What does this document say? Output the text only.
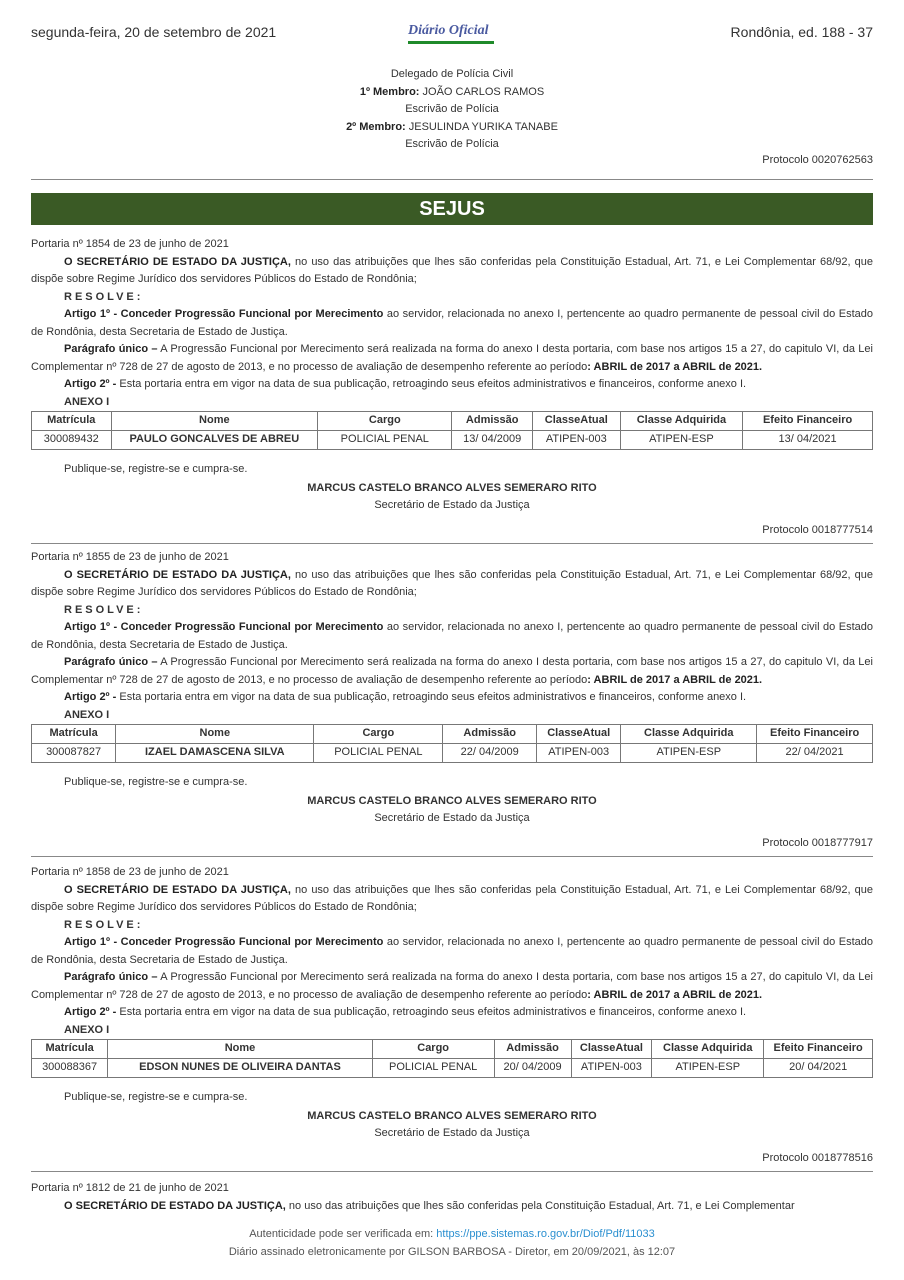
segunda-feira, 20 de setembro de 2021	Diário Oficial	Rondônia, ed. 188 - 37
Delegado de Polícia Civil
1º Membro: JOÃO CARLOS RAMOS
Escrivão de Polícia
2º Membro: JESULINDA YURIKA TANABE
Escrivão de Polícia
Protocolo 0020762563
SEJUS

Portaria nº 1854 de 23 de junho de 2021

O SECRETÁRIO DE ESTADO DA JUSTIÇA, no uso das atribuições que lhes são conferidas pela Constituição Estadual, Art. 71, e Lei Complementar 68/92, que dispõe sobre Regime Jurídico dos servidores Públicos do Estado de Rondônia;

RESOLVE:

Artigo 1º - Conceder Progressão Funcional por Merecimento ao servidor, relacionada no anexo I, pertencente ao quadro permanente de pessoal civil do Estado de Rondônia, desta Secretaria de Estado de Justiça.

Parágrafo único – A Progressão Funcional por Merecimento será realizada na forma do anexo I desta portaria, com base nos artigos 15 a 27, do capitulo VI, da Lei Complementar nº 728 de 27 de agosto de 2013, e no processo de avaliação de desempenho referente ao período: ABRIL de 2017 a ABRIL de 2021.

Artigo 2º - Esta portaria entra em vigor na data de sua publicação, retroagindo seus efeitos administrativos e financeiros, conforme anexo I.

ANEXO I

Matrícula	Nome	Cargo	Admissão	ClasseAtual	Classe Adquirida	Efeito Financeiro
300089432	PAULO GONCALVES DE ABREU	POLICIAL PENAL	13/ 04/2009	ATIPEN-003	ATIPEN-ESP	13/ 04/2021

Publique-se, registre-se e cumpra-se.

MARCUS CASTELO BRANCO ALVES SEMERARO RITO

Secretário de Estado da Justiça

Protocolo 0018777514

Portaria nº 1855 de 23 de junho de 2021

O SECRETÁRIO DE ESTADO DA JUSTIÇA, no uso das atribuições que lhes são conferidas pela Constituição Estadual, Art. 71, e Lei Complementar 68/92, que dispõe sobre Regime Jurídico dos servidores Públicos do Estado de Rondônia;

RESOLVE:

Artigo 1º - Conceder Progressão Funcional por Merecimento ao servidor, relacionada no anexo I, pertencente ao quadro permanente de pessoal civil do Estado de Rondônia, desta Secretaria de Estado de Justiça.

Parágrafo único – A Progressão Funcional por Merecimento será realizada na forma do anexo I desta portaria, com base nos artigos 15 a 27, do capitulo VI, da Lei Complementar nº 728 de 27 de agosto de 2013, e no processo de avaliação de desempenho referente ao período: ABRIL de 2017 a ABRIL de 2021.

Artigo 2º - Esta portaria entra em vigor na data de sua publicação, retroagindo seus efeitos administrativos e financeiros, conforme anexo I.

ANEXO I

Matrícula	Nome	Cargo	Admissão	ClasseAtual	Classe Adquirida	Efeito Financeiro
300087827	IZAEL DAMASCENA SILVA	POLICIAL PENAL	22/ 04/2009	ATIPEN-003	ATIPEN-ESP	22/ 04/2021

Publique-se, registre-se e cumpra-se.

MARCUS CASTELO BRANCO ALVES SEMERARO RITO

Secretário de Estado da Justiça

Protocolo 0018777917

Portaria nº 1858 de 23 de junho de 2021

O SECRETÁRIO DE ESTADO DA JUSTIÇA, no uso das atribuições que lhes são conferidas pela Constituição Estadual, Art. 71, e Lei Complementar 68/92, que dispõe sobre Regime Jurídico dos servidores Públicos do Estado de Rondônia;

RESOLVE:

Artigo 1º - Conceder Progressão Funcional por Merecimento ao servidor, relacionada no anexo I, pertencente ao quadro permanente de pessoal civil do Estado de Rondônia, desta Secretaria de Estado de Justiça.

Parágrafo único – A Progressão Funcional por Merecimento será realizada na forma do anexo I desta portaria, com base nos artigos 15 a 27, do capitulo VI, da Lei Complementar nº 728 de 27 de agosto de 2013, e no processo de avaliação de desempenho referente ao período: ABRIL de 2017 a ABRIL de 2021.

Artigo 2º - Esta portaria entra em vigor na data de sua publicação, retroagindo seus efeitos administrativos e financeiros, conforme anexo I.

ANEXO I

Matrícula	Nome	Cargo	Admissão	ClasseAtual	Classe Adquirida	Efeito Financeiro
300088367	EDSON NUNES DE OLIVEIRA DANTAS	POLICIAL PENAL	20/ 04/2009	ATIPEN-003	ATIPEN-ESP	20/ 04/2021

Publique-se, registre-se e cumpra-se.

MARCUS CASTELO BRANCO ALVES SEMERARO RITO

Secretário de Estado da Justiça

Protocolo 0018778516

Portaria nº 1812 de 21 de junho de 2021

O SECRETÁRIO DE ESTADO DA JUSTIÇA, no uso das atribuições que lhes são conferidas pela Constituição Estadual, Art. 71, e Lei Complementar

Autenticidade pode ser verificada em: https://ppe.sistemas.ro.gov.br/Diof/Pdf/11033
Diário assinado eletronicamente por GILSON BARBOSA - Diretor, em 20/09/2021, às 12:07
